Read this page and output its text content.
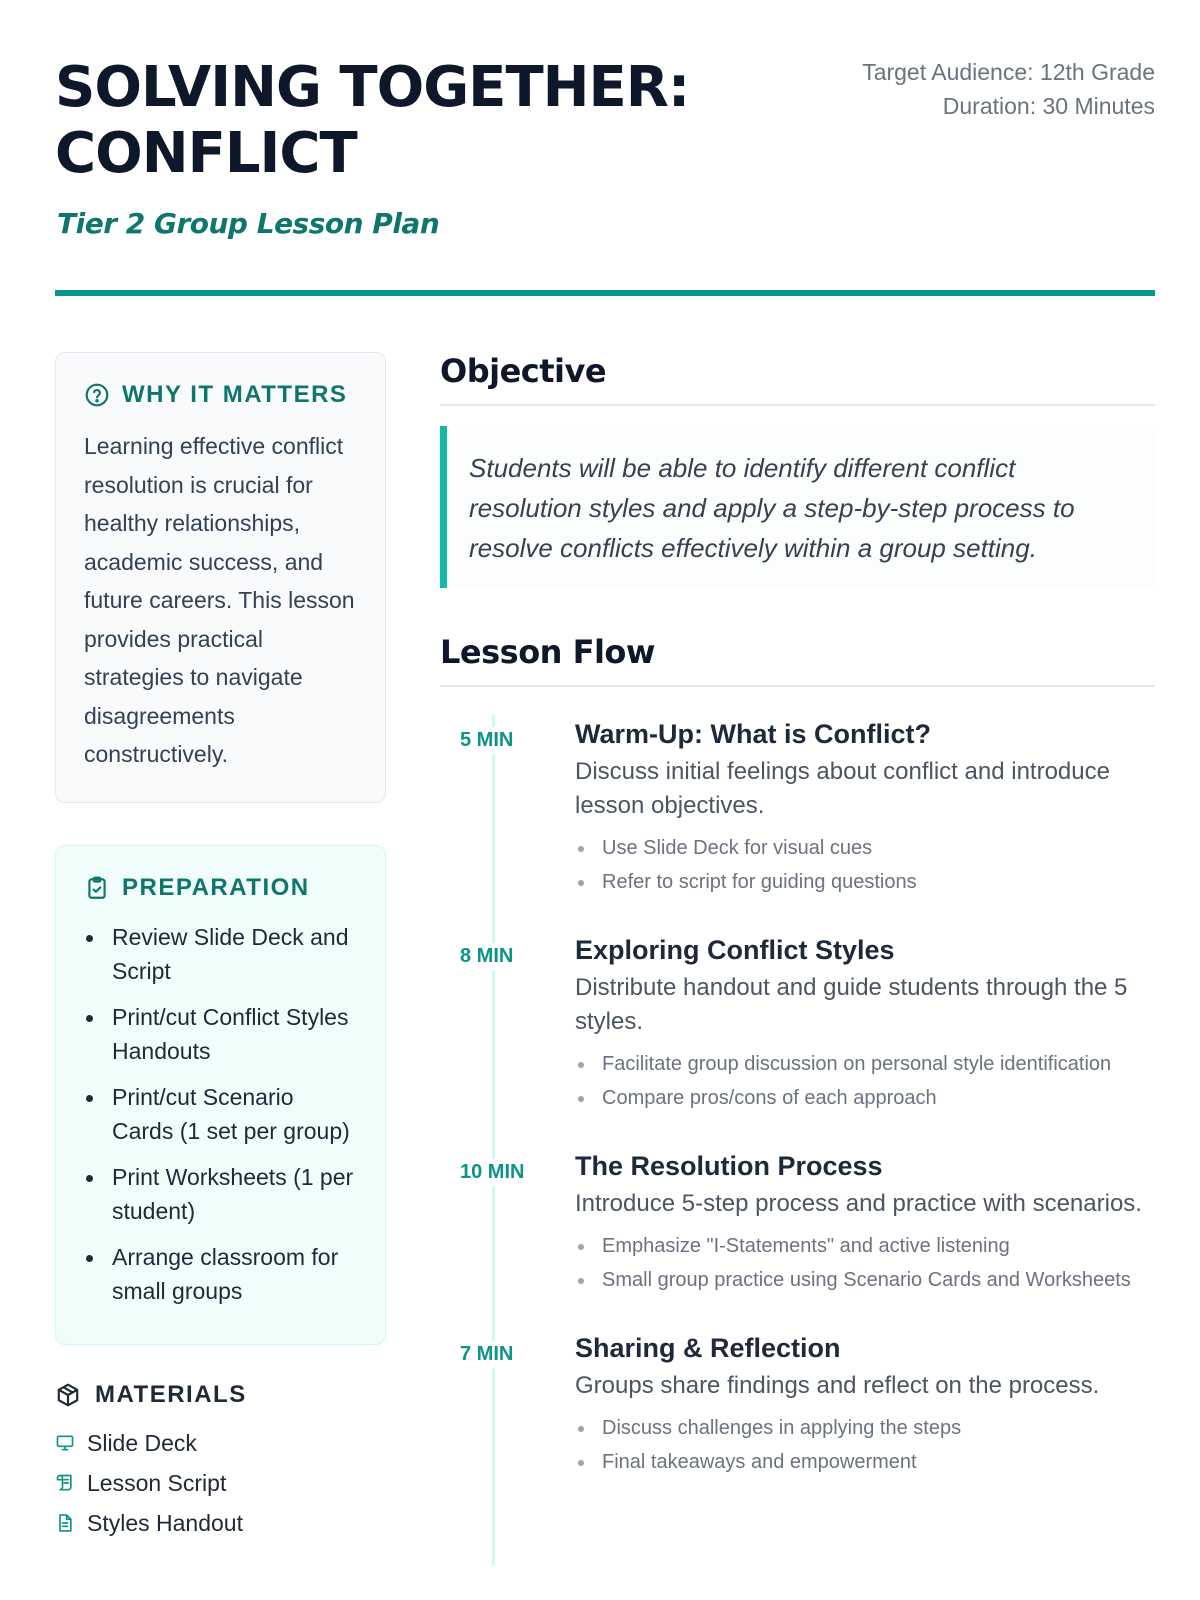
SOLVING TOGETHER: CONFLICT
Tier 2 Group Lesson Plan
Target Audience: 12th Grade
Duration: 30 Minutes
WHY IT MATTERS

Learning effective conflict resolution is crucial for healthy relationships, academic success, and future careers. This lesson provides practical strategies to navigate disagreements constructively.

PREPARATION
Review Slide Deck and Script
Print/cut Conflict Styles Handouts
Print/cut Scenario Cards (1 set per group)
Print Worksheets (1 per student)
Arrange classroom for small groups
MATERIALS
Slide Deck
Lesson Script
Styles Handout
Objective
Students will be able to identify different conflict resolution styles and apply a step-by-step process to resolve conflicts effectively within a group setting.
Lesson Flow
5 MIN	Warm-Up: What is Conflict?
Discuss initial feelings about conflict and introduce lesson objectives.
Use Slide Deck for visual cues
Refer to script for guiding questions
8 MIN	Exploring Conflict Styles
Distribute handout and guide students through the 5 styles.
Facilitate group discussion on personal style identification
Compare pros/cons of each approach
10 MIN	The Resolution Process
Introduce 5-step process and practice with scenarios.
Emphasize "I-Statements" and active listening
Small group practice using Scenario Cards and Worksheets
7 MIN	Sharing & Reflection
Groups share findings and reflect on the process.
Discuss challenges in applying the steps
Final takeaways and empowerment
